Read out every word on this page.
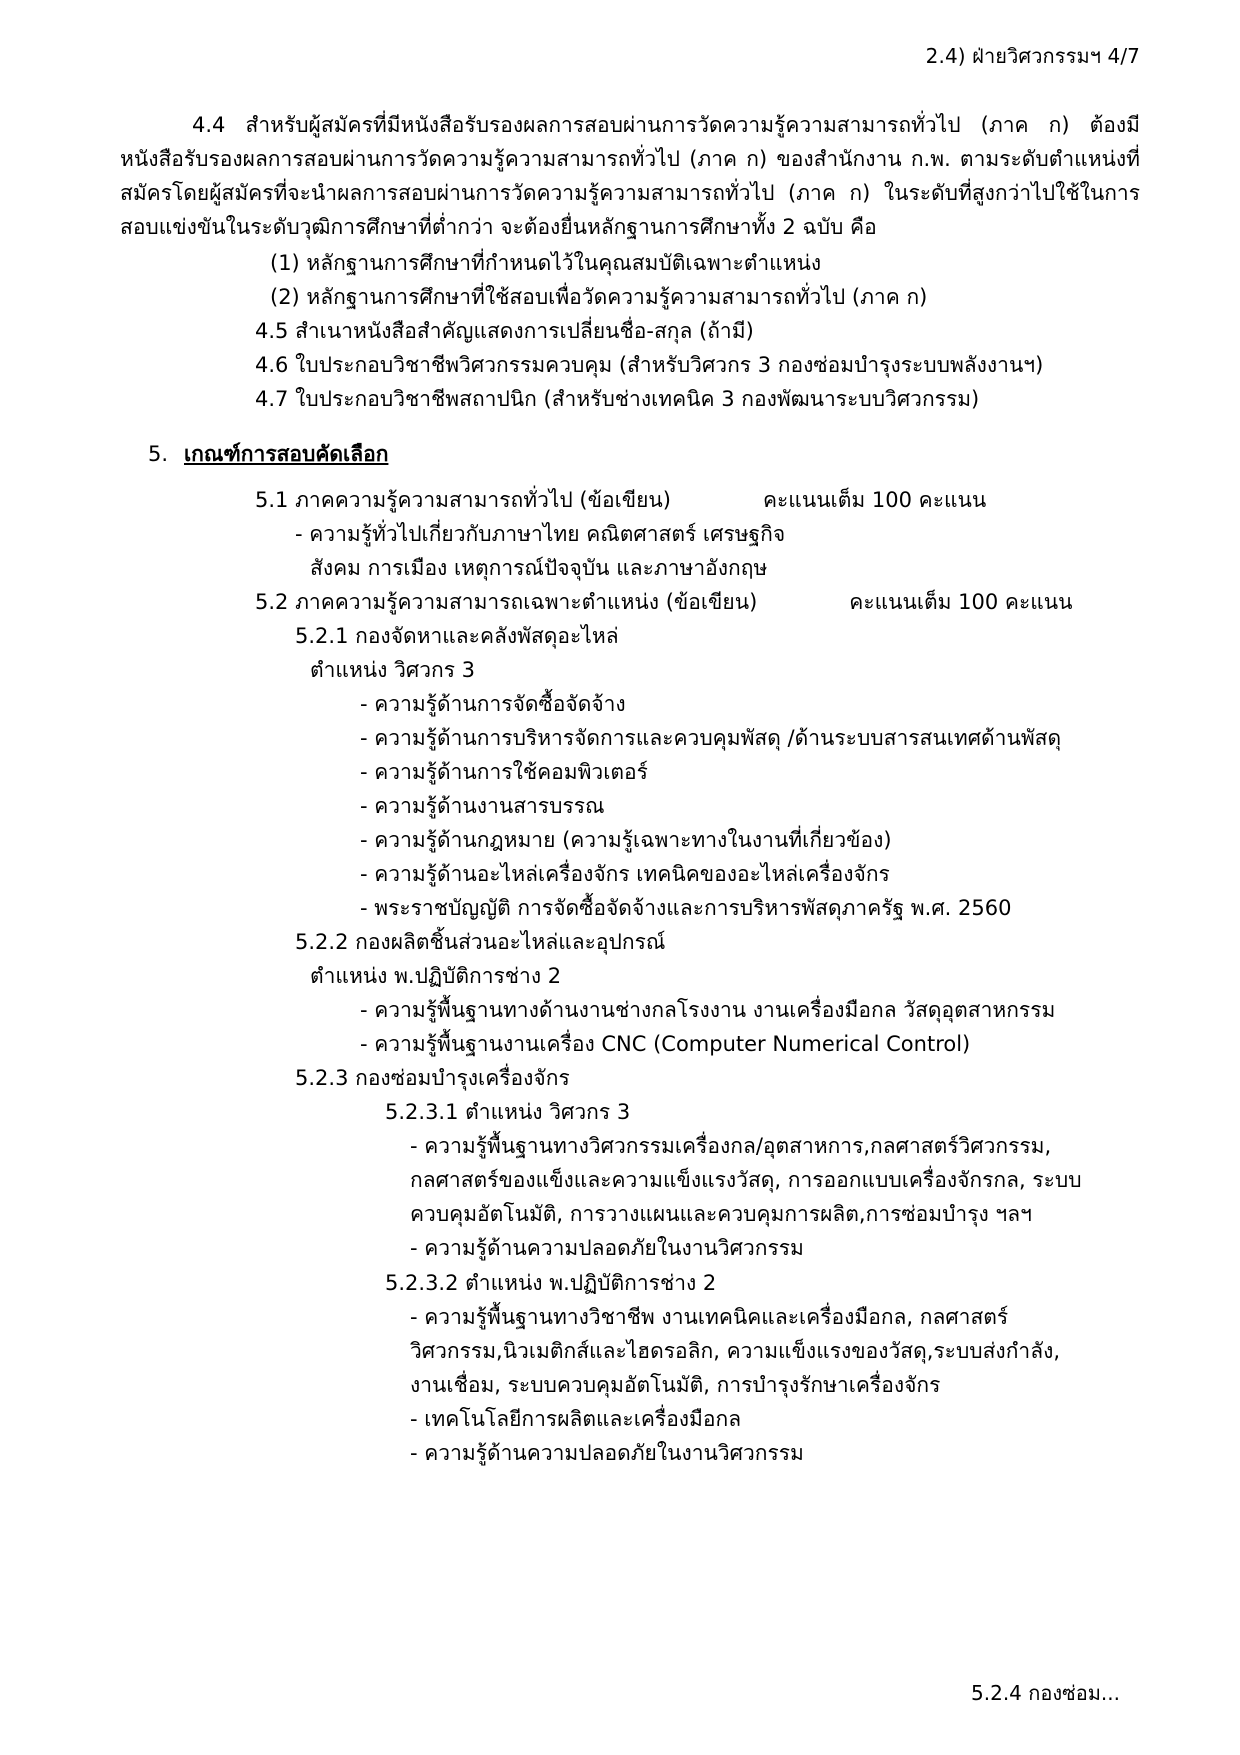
2.4) ฝ่ายวิศวกรรมฯ 4/7

4.4 สำหรับผู้สมัครที่มีหนังสือรับรองผลการสอบผ่านการวัดความรู้ความสามารถทั่วไป (ภาค ก) ต้องมีหนังสือรับรองผลการสอบผ่านการวัดความรู้ความสามารถทั่วไป (ภาค ก) ของสำนักงาน ก.พ. ตามระดับตำแหน่งที่สมัครโดยผู้สมัครที่จะนำผลการสอบผ่านการวัดความรู้ความสามารถทั่วไป (ภาค ก) ในระดับที่สูงกว่าไปใช้ในการสอบแข่งขันในระดับวุฒิการศึกษาที่ต่ำกว่า จะต้องยื่นหลักฐานการศึกษาทั้ง 2 ฉบับ คือ

(1) หลักฐานการศึกษาที่กำหนดไว้ในคุณสมบัติเฉพาะตำแหน่ง
(2) หลักฐานการศึกษาที่ใช้สอบเพื่อวัดความรู้ความสามารถทั่วไป (ภาค ก)
4.5 สำเนาหนังสือสำคัญแสดงการเปลี่ยนชื่อ-สกุล (ถ้ามี)
4.6 ใบประกอบวิชาชีพวิศวกรรมควบคุม (สำหรับวิศวกร 3 กองซ่อมบำรุงระบบพลังงานฯ)
4.7 ใบประกอบวิชาชีพสถาปนิก (สำหรับช่างเทคนิค 3 กองพัฒนาระบบวิศวกรรม)
5. เกณฑ์การสอบคัดเลือก
5.1 ภาคความรู้ความสามารถทั่วไป (ข้อเขียน)	คะแนนเต็ม 100 คะแนน
- ความรู้ทั่วไปเกี่ยวกับภาษาไทย คณิตศาสตร์ เศรษฐกิจ
สังคม การเมือง เหตุการณ์ปัจจุบัน และภาษาอังกฤษ
5.2 ภาคความรู้ความสามารถเฉพาะตำแหน่ง (ข้อเขียน)	คะแนนเต็ม 100 คะแนน
5.2.1 กองจัดหาและคลังพัสดุอะไหล่
ตำแหน่ง วิศวกร 3
- ความรู้ด้านการจัดซื้อจัดจ้าง
- ความรู้ด้านการบริหารจัดการและควบคุมพัสดุ /ด้านระบบสารสนเทศด้านพัสดุ
- ความรู้ด้านการใช้คอมพิวเตอร์
- ความรู้ด้านงานสารบรรณ
- ความรู้ด้านกฎหมาย (ความรู้เฉพาะทางในงานที่เกี่ยวข้อง)
- ความรู้ด้านอะไหล่เครื่องจักร เทคนิคของอะไหล่เครื่องจักร
- พระราชบัญญัติ การจัดซื้อจัดจ้างและการบริหารพัสดุภาครัฐ พ.ศ. 2560
5.2.2 กองผลิตชิ้นส่วนอะไหล่และอุปกรณ์
ตำแหน่ง พ.ปฏิบัติการช่าง 2
- ความรู้พื้นฐานทางด้านงานช่างกลโรงงาน งานเครื่องมือกล วัสดุอุตสาหกรรม
- ความรู้พื้นฐานงานเครื่อง CNC (Computer Numerical Control)
5.2.3 กองซ่อมบำรุงเครื่องจักร
5.2.3.1 ตำแหน่ง วิศวกร 3
- ความรู้พื้นฐานทางวิศวกรรมเครื่องกล/อุตสาหการ,กลศาสตร์วิศวกรรม, กลศาสตร์ของแข็งและความแข็งแรงวัสดุ, การออกแบบเครื่องจักรกล, ระบบควบคุมอัตโนมัติ, การวางแผนและควบคุมการผลิต,การซ่อมบำรุง ฯลฯ
- ความรู้ด้านความปลอดภัยในงานวิศวกรรม
5.2.3.2 ตำแหน่ง พ.ปฏิบัติการช่าง 2
- ความรู้พื้นฐานทางวิชาชีพ งานเทคนิคและเครื่องมือกล, กลศาสตร์วิศวกรรม,นิวเมติกส์และไฮดรอลิก, ความแข็งแรงของวัสดุ,ระบบส่งกำลัง, งานเชื่อม, ระบบควบคุมอัตโนมัติ, การบำรุงรักษาเครื่องจักร
- เทคโนโลยีการผลิตและเครื่องมือกล
- ความรู้ด้านความปลอดภัยในงานวิศวกรรม
5.2.4 กองซ่อม...
